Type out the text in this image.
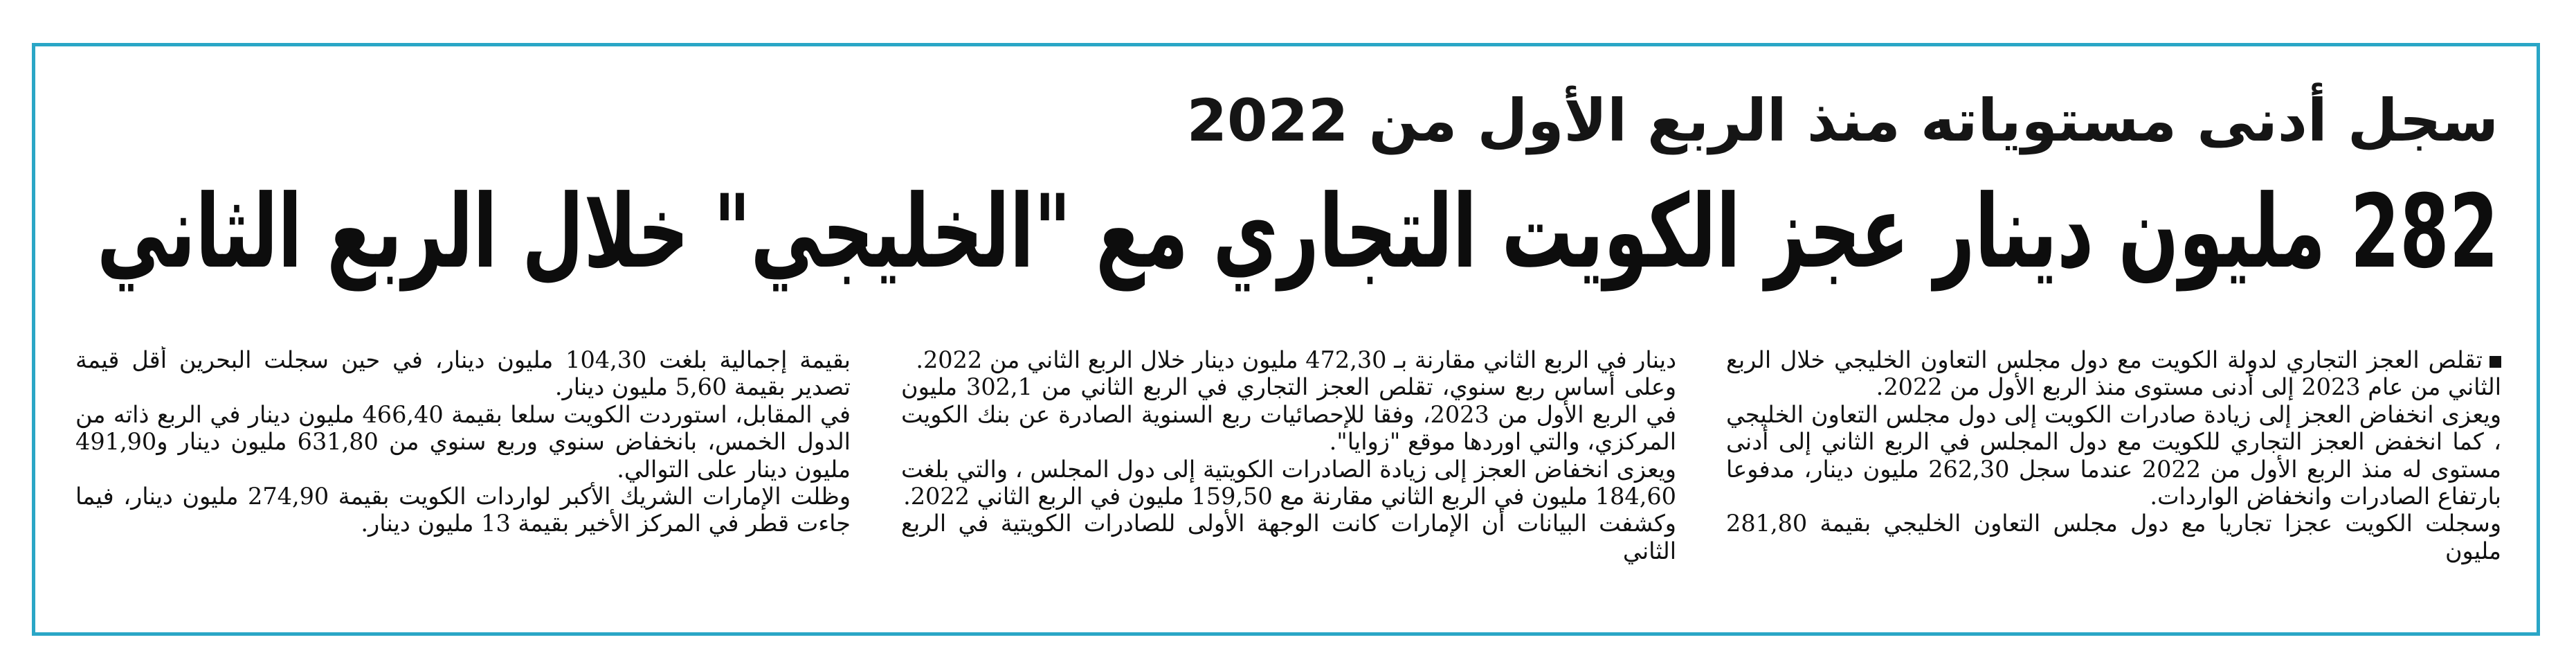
سجل أدنى مستوياته منذ الربع الأول من 2022
282 مليون دينار عجز الكويت التجاري مع "الخليجي" خلال الربع الثاني

تقلص العجز التجاري لدولة الكويت مع دول مجلس التعاون الخليجي خلال الربع الثاني من عام 2023 إلى أدنى مستوى منذ الربع الأول من 2022.

ويعزى انخفاض العجز إلى زيادة صادرات الكويت إلى دول مجلس التعاون الخليجي ، كما انخفض العجز التجاري للكويت مع دول المجلس في الربع الثاني إلى أدنى مستوى له منذ الربع الأول من 2022 عندما سجل 262,30 مليون دينار، مدفوعا بارتفاع الصادرات وانخفاض الواردات.

وسجلت الكويت عجزا تجاريا مع دول مجلس التعاون الخليجي بقيمة 281,80 مليون

دينار في الربع الثاني مقارنة بـ 472,30 مليون دينار خلال الربع الثاني من 2022.

وعلى أساس ربع سنوي، تقلص العجز التجاري في الربع الثاني من 302,1 مليون في الربع الأول من 2023، وفقا للإحصائيات ربع السنوية الصادرة عن بنك الكويت المركزي، والتي اوردها موقع "زوايا".

ويعزى انخفاض العجز إلى زيادة الصادرات الكويتية إلى دول المجلس ، والتي بلغت 184,60 مليون في الربع الثاني مقارنة مع 159,50 مليون في الربع الثاني 2022.

وكشفت البيانات أن الإمارات كانت الوجهة الأولى للصادرات الكويتية في الربع الثاني

بقيمة إجمالية بلغت 104,30 مليون دينار، في حين سجلت البحرين أقل قيمة تصدير بقيمة 5,60 مليون دينار.

في المقابل، استوردت الكويت سلعا بقيمة 466,40 مليون دينار في الربع ذاته من الدول الخمس، بانخفاض سنوي وربع سنوي من 631,80 مليون دينار و491,90 مليون دينار على التوالي.

وظلت الإمارات الشريك الأكبر لواردات الكويت بقيمة 274,90 مليون دينار، فيما جاءت قطر في المركز الأخير بقيمة 13 مليون دينار.
